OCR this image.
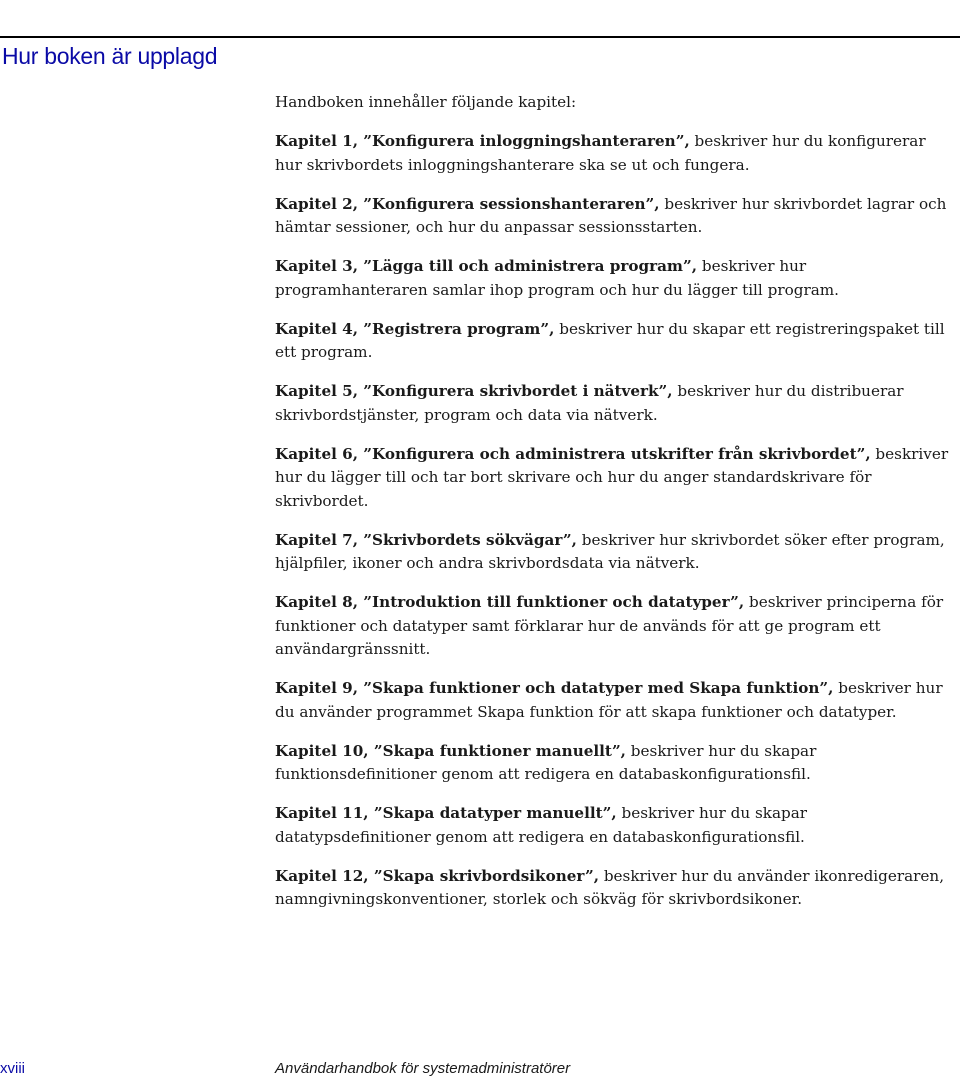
Hur boken är upplagd

Handboken innehåller följande kapitel:

Kapitel 1, ”Konfigurera inloggningshanteraren”, beskriver hur du konfigurerar hur skrivbordets inloggningshanterare ska se ut och fungera.

Kapitel 2, ”Konfigurera sessionshanteraren”, beskriver hur skrivbordet lagrar och hämtar sessioner, och hur du anpassar sessionsstarten.

Kapitel 3, ”Lägga till och administrera program”, beskriver hur programhanteraren samlar ihop program och hur du lägger till program.

Kapitel 4, ”Registrera program”, beskriver hur du skapar ett registreringspaket till ett program.

Kapitel 5, ”Konfigurera skrivbordet i nätverk”, beskriver hur du distribuerar skrivbordstjänster, program och data via nätverk.

Kapitel 6, ”Konfigurera och administrera utskrifter från skrivbordet”, beskriver hur du lägger till och tar bort skrivare och hur du anger standardskrivare för skrivbordet.

Kapitel 7, ”Skrivbordets sökvägar”, beskriver hur skrivbordet söker efter program, hjälpfiler, ikoner och andra skrivbordsdata via nätverk.

Kapitel 8, ”Introduktion till funktioner och datatyper”, beskriver principerna för funktioner och datatyper samt förklarar hur de används för att ge program ett användargränssnitt.

Kapitel 9, ”Skapa funktioner och datatyper med Skapa funktion”, beskriver hur du använder programmet Skapa funktion för att skapa funktioner och datatyper.

Kapitel 10, ”Skapa funktioner manuellt”, beskriver hur du skapar funktionsdefinitioner genom att redigera en databaskonfigurationsfil.

Kapitel 11, ”Skapa datatyper manuellt”, beskriver hur du skapar datatypsdefinitioner genom att redigera en databaskonfigurationsfil.

Kapitel 12, ”Skapa skrivbordsikoner”, beskriver hur du använder ikonredigeraren, namngivningskonventioner, storlek och sökväg för skrivbordsikoner.

xviii	Användarhandbok för systemadministratörer
